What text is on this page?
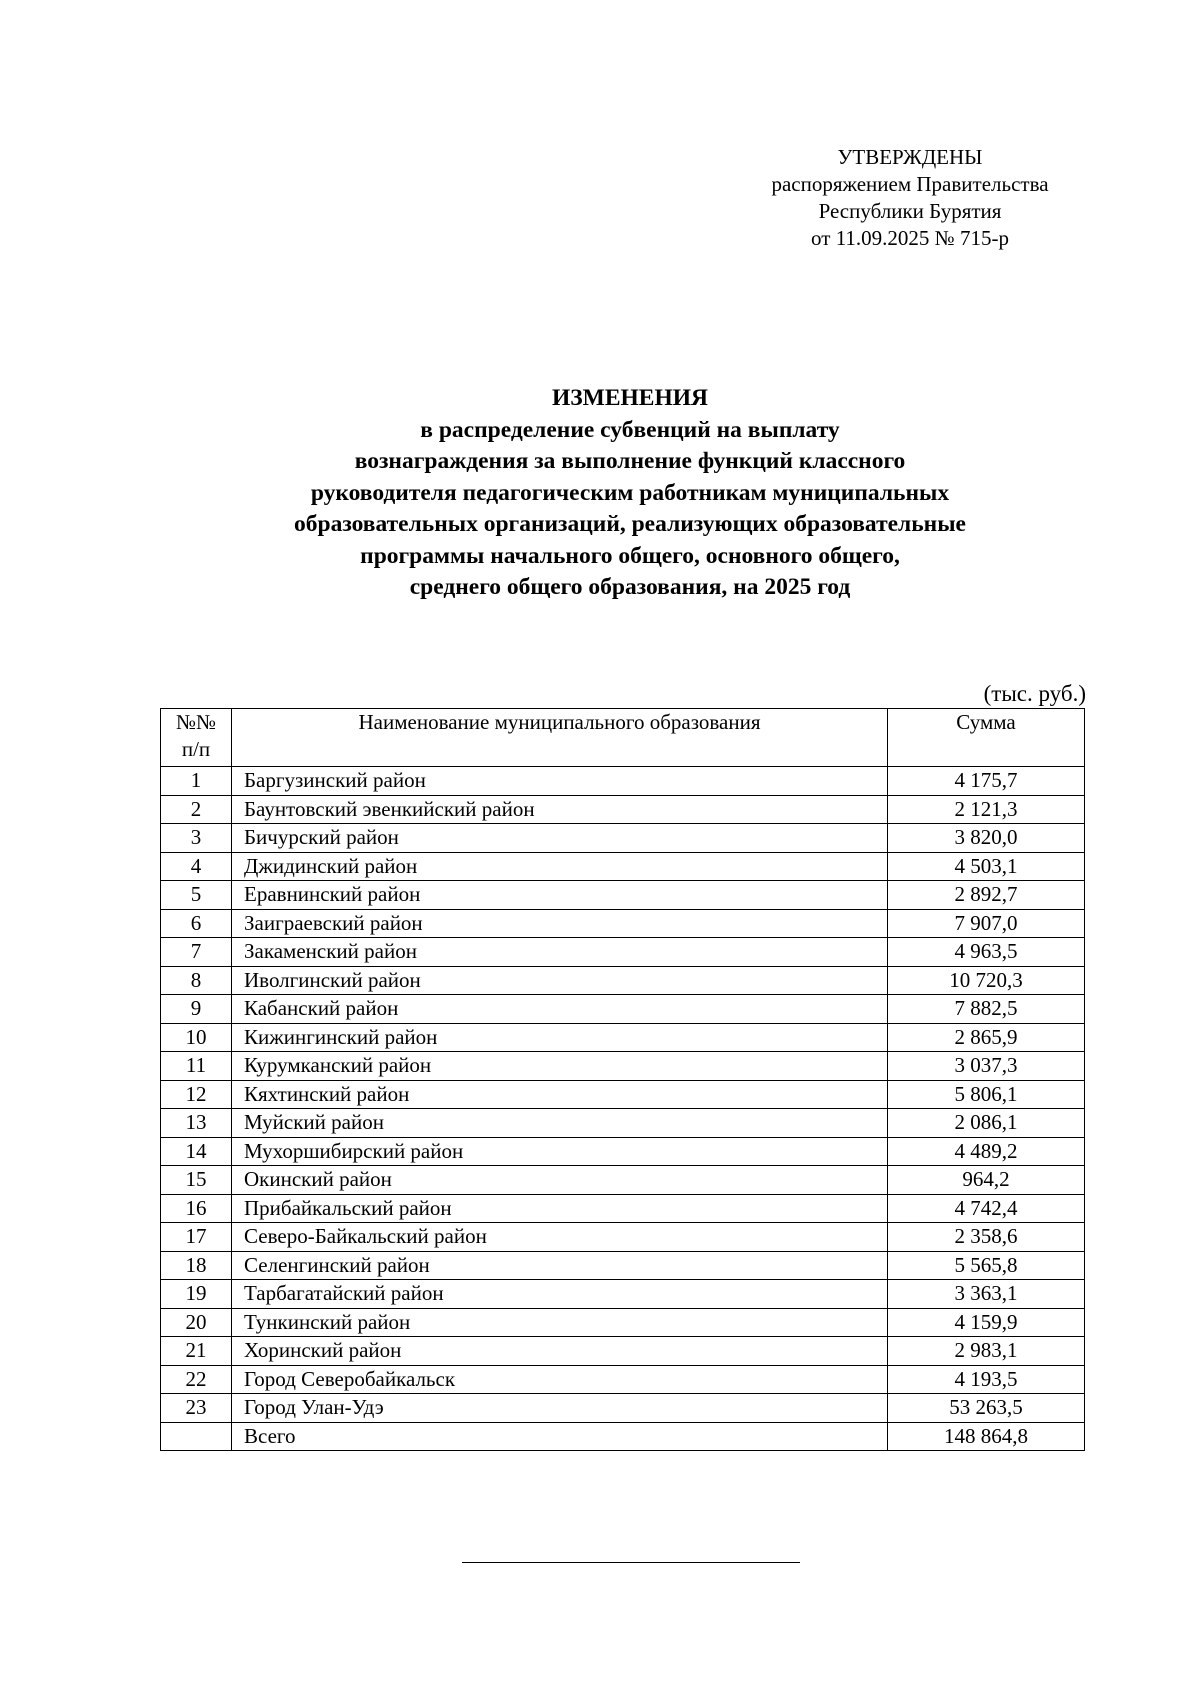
УТВЕРЖДЕНЫ
распоряжением Правительства
Республики Бурятия
от 11.09.2025 № 715-р
ИЗМЕНЕНИЯ
в распределение субвенций на выплату
вознаграждения за выполнение функций классного
руководителя педагогическим работникам муниципальных
образовательных организаций, реализующих образовательные
программы начального общего, основного общего,
среднего общего образования, на 2025 год
(тыс. руб.)
№№
п/п	Наименование муниципального образования	Сумма
1	Баргузинский район	4 175,7
2	Баунтовский эвенкийский район	2 121,3
3	Бичурский район	3 820,0
4	Джидинский район	4 503,1
5	Еравнинский район	2 892,7
6	Заиграевский район	7 907,0
7	Закаменский район	4 963,5
8	Иволгинский район	10 720,3
9	Кабанский район	7 882,5
10	Кижингинский район	2 865,9
11	Курумканский район	3 037,3
12	Кяхтинский район	5 806,1
13	Муйский район	2 086,1
14	Мухоршибирский район	4 489,2
15	Окинский район	964,2
16	Прибайкальский район	4 742,4
17	Северо-Байкальский район	2 358,6
18	Селенгинский район	5 565,8
19	Тарбагатайский район	3 363,1
20	Тункинский район	4 159,9
21	Хоринский район	2 983,1
22	Город Северобайкальск	4 193,5
23	Город Улан-Удэ	53 263,5
	Всего	148 864,8
